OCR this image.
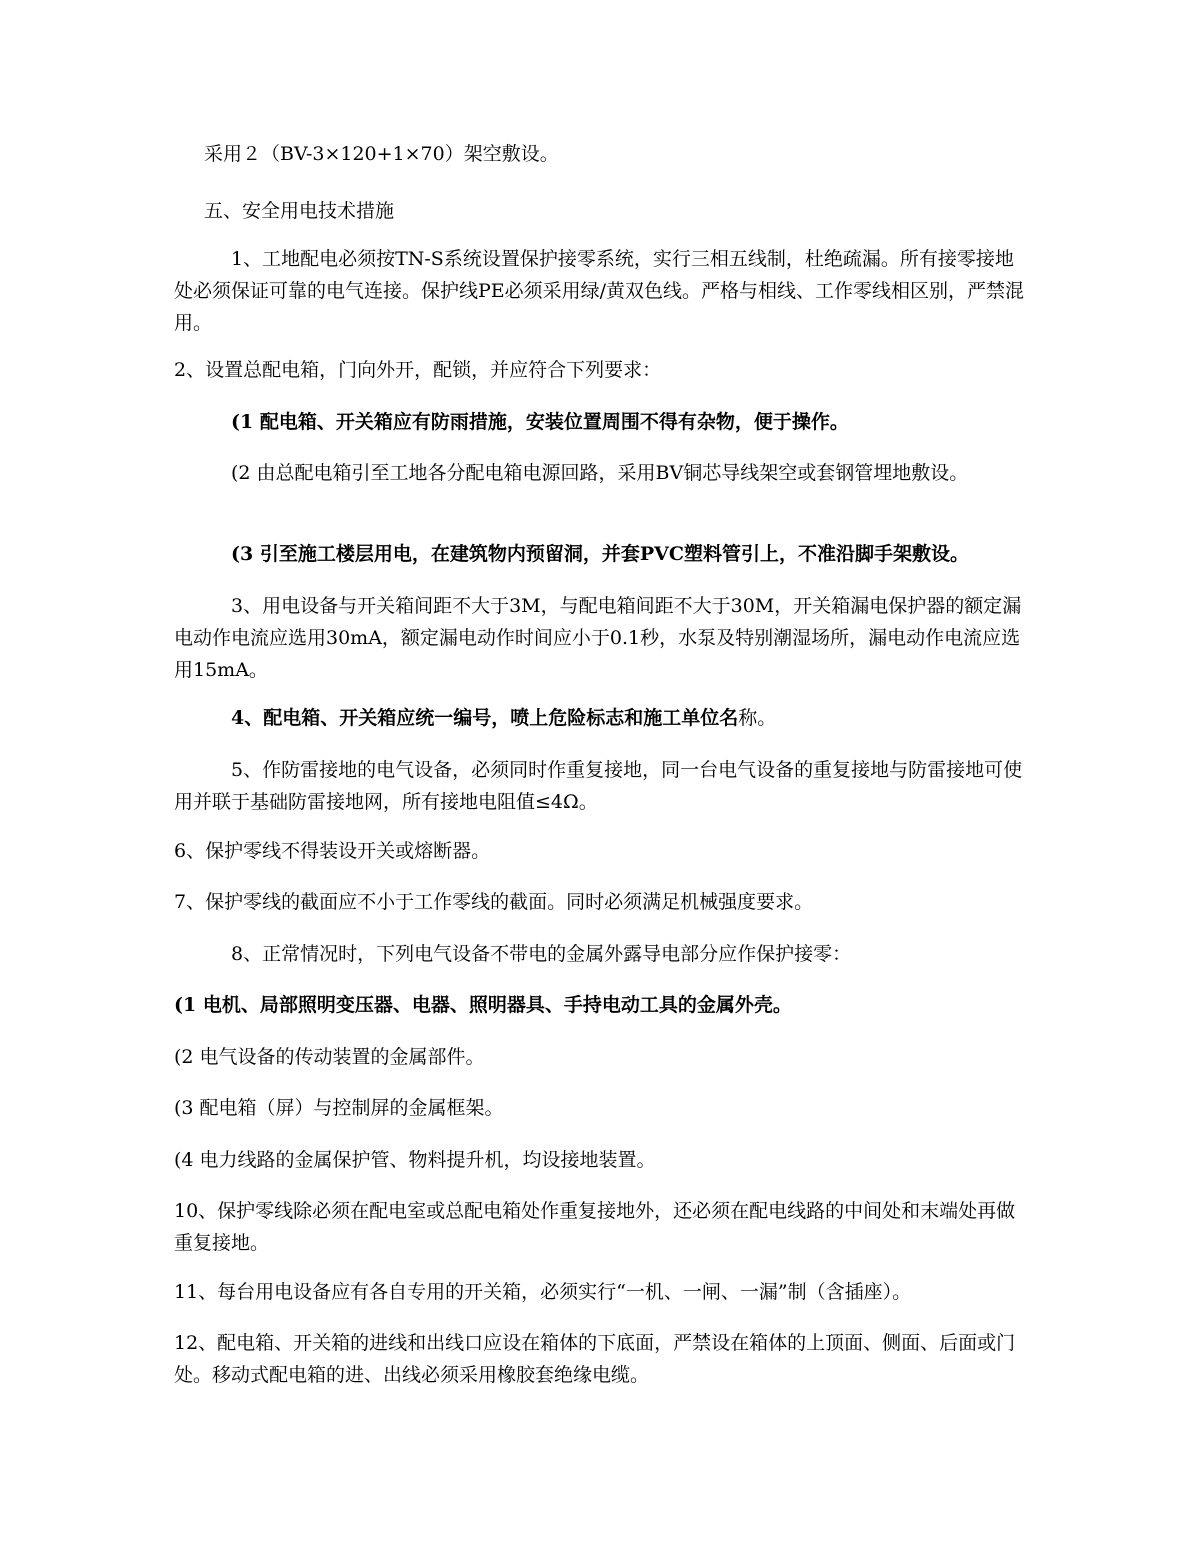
采用２（BV-3×120+1×70）架空敷设。

五、安全用电技术措施

1、工地配电必须按TN-S系统设置保护接零系统，实行三相五线制，杜绝疏漏。所有接零接地处必须保证可靠的电气连接。保护线PE必须采用绿/黄双色线。严格与相线、工作零线相区别，严禁混用。

2、设置总配电箱，门向外开，配锁，并应符合下列要求：

(1 配电箱、开关箱应有防雨措施，安装位置周围不得有杂物，便于操作。

(2 由总配电箱引至工地各分配电箱电源回路，采用BV铜芯导线架空或套钢管埋地敷设。

(3 引至施工楼层用电，在建筑物内预留洞，并套PVC塑料管引上，不准沿脚手架敷设。

3、用电设备与开关箱间距不大于3M，与配电箱间距不大于30M，开关箱漏电保护器的额定漏电动作电流应选用30mA，额定漏电动作时间应小于0.1秒，水泵及特别潮湿场所，漏电动作电流应选用15mA。

4、配电箱、开关箱应统一编号，喷上危险标志和施工单位名称。

5、作防雷接地的电气设备，必须同时作重复接地，同一台电气设备的重复接地与防雷接地可使用并联于基础防雷接地网，所有接地电阻值≤4Ω。

6、保护零线不得装设开关或熔断器。

7、保护零线的截面应不小于工作零线的截面。同时必须满足机械强度要求。

8、正常情况时，下列电气设备不带电的金属外露导电部分应作保护接零：

(1 电机、局部照明变压器、电器、照明器具、手持电动工具的金属外壳。

(2 电气设备的传动装置的金属部件。

(3 配电箱（屏）与控制屏的金属框架。

(4 电力线路的金属保护管、物料提升机，均设接地装置。

10、保护零线除必须在配电室或总配电箱处作重复接地外，还必须在配电线路的中间处和末端处再做重复接地。

11、每台用电设备应有各自专用的开关箱，必须实行“一机、一闸、一漏”制（含插座）。

12、配电箱、开关箱的进线和出线口应设在箱体的下底面，严禁设在箱体的上顶面、侧面、后面或门处。移动式配电箱的进、出线必须采用橡胶套绝缘电缆。
